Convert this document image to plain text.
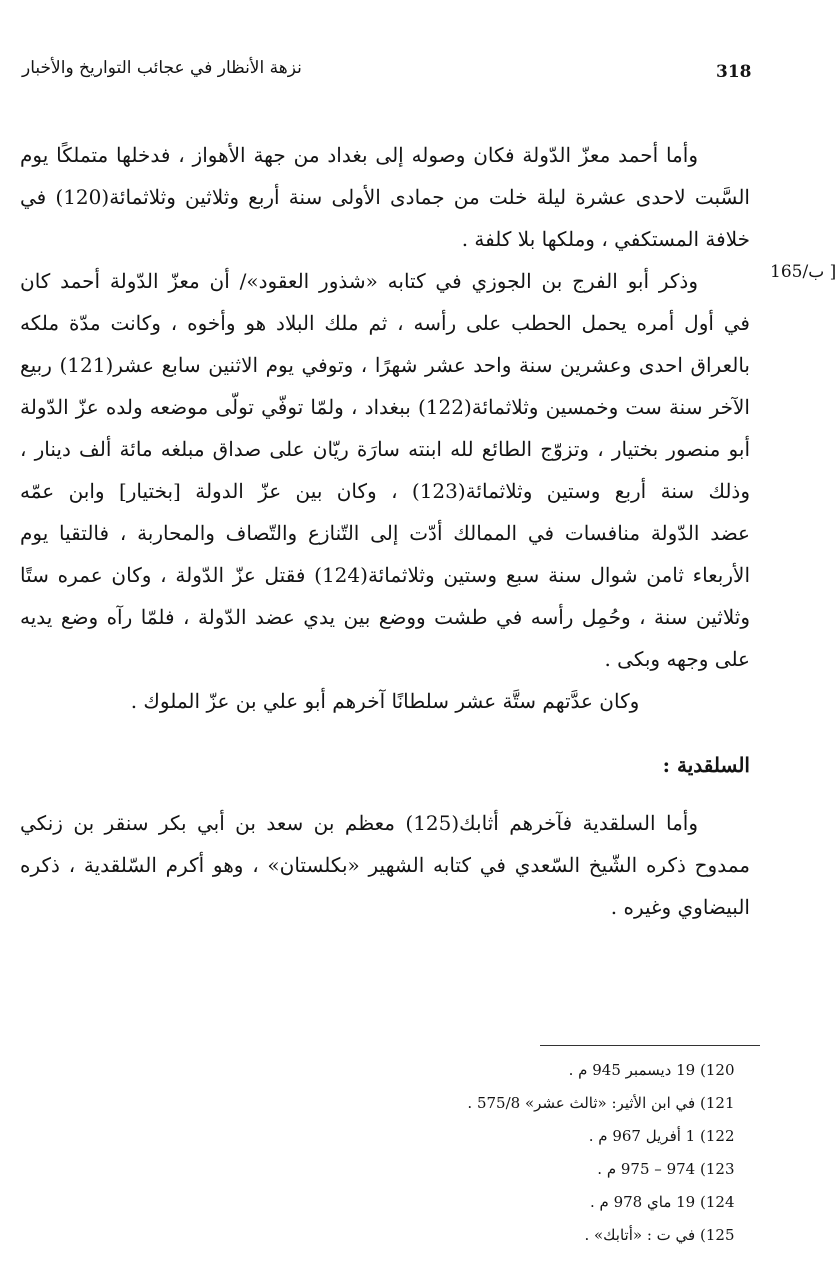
نزهة الأنظار في عجائب التواريخ والأخبار	318
165/ب ]
وأما أحمد معزّ الدّولة فكان وصوله إلى بغداد من جهة الأهواز ، فدخلها متملكًا يوم
السَّبت لاحدى عشرة ليلة خلت من جمادى الأولى سنة أربع وثلاثين وثلاثمائة(120) في
خلافة المستكفي ، وملكها بلا كلفة .
وذكر أبو الفرج بن الجوزي في كتابه «شذور العقود»/ أن معزّ الدّولة أحمد كان
في أول أمره يحمل الحطب على رأسه ، ثم ملك البلاد هو وأخوه ، وكانت مدّة ملكه
بالعراق احدى وعشرين سنة واحد عشر شهرًا ، وتوفي يوم الاثنين سابع عشر(121) ربيع
الآخر سنة ست وخمسين وثلاثمائة(122) ببغداد ، ولمّا توفّي تولّى موضعه ولده عزّ الدّولة
أبو منصور بختيار ، وتزوّج الطائع لله ابنته سارَة ريّان على صداق مبلغه مائة ألف دينار ،
وذلك سنة أربع وستين وثلاثمائة(123) ، وكان بين عزّ الدولة [بختيار] وابن عمّه
عضد الدّولة منافسات في الممالك أدّت إلى التّنازع والتّصاف والمحاربة ، فالتقيا يوم
الأربعاء ثامن شوال سنة سبع وستين وثلاثمائة(124) فقتل عزّ الدّولة ، وكان عمره ستًا
وثلاثين سنة ، وحُمِل رأسه في طشت ووضع بين يدي عضد الدّولة ، فلمّا رآه وضع يديه
على وجهه وبكى .
وكان عدَّتهم ستَّة عشر سلطانًا آخرهم أبو علي بن عزّ الملوك .
السلقدية :
وأما السلقدية فآخرهم أثابك(125) معظم بن سعد بن أبي بكر سنقر بن زنكي
ممدوح ذكره الشّيخ السّعدي في كتابه الشهير «بكلستان» ، وهو أكرم السّلقدية ، ذكره
البيضاوي وغيره .
(120 19 ديسمبر 945 م .
(121 في ابن الأثير: «ثالث عشر» 575/8 .
(122 1 أفريل 967 م .
(123 974 – 975 م .
(124 19 ماي 978 م .
(125 في ت : «أتابك» .
